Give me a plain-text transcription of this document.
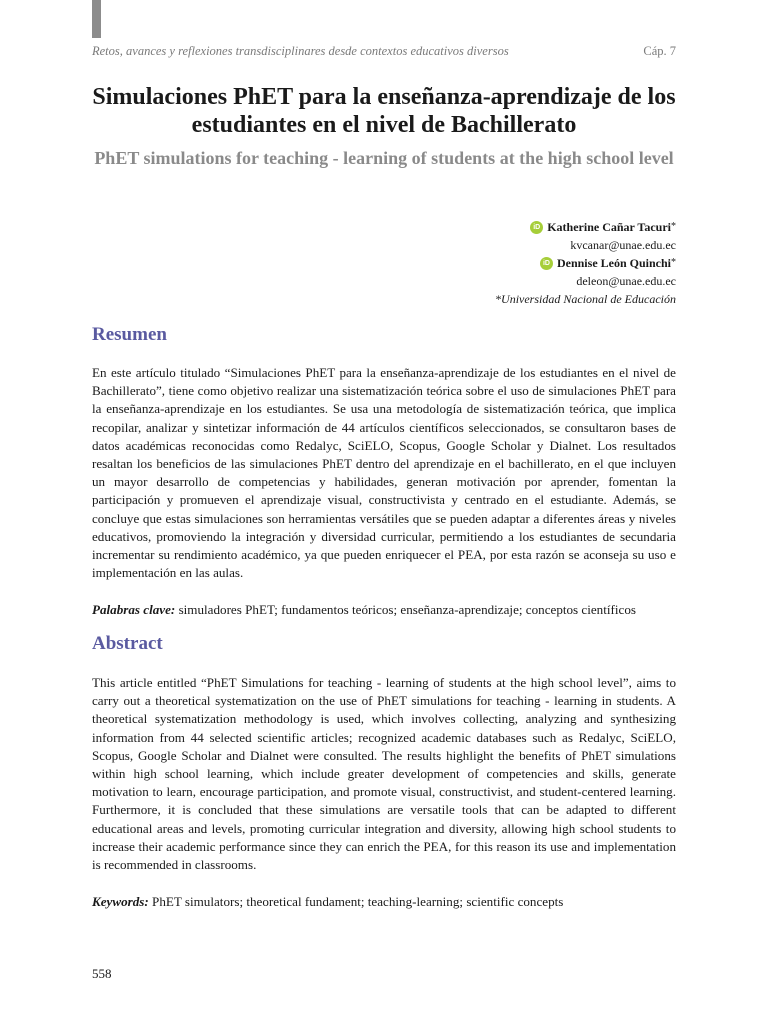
Retos, avances y reflexiones transdisciplinares desde contextos educativos diversos	Cáp. 7
Simulaciones PhET para la enseñanza-aprendizaje de los estudiantes en el nivel de Bachillerato
PhET simulations for teaching - learning of students at the high school level
iD Katherine Cañar Tacuri *
kvcanar@unae.edu.ec
iD Dennise León Quinchi *
deleon@unae.edu.ec
*Universidad Nacional de Educación
Resumen
En este artículo titulado “Simulaciones PhET para la enseñanza-aprendizaje de los estudiantes en el nivel de Bachillerato”, tiene como objetivo realizar una sistematización teórica sobre el uso de simulaciones PhET para la enseñanza-aprendizaje en los estudiantes. Se usa una metodología de sistematización teórica, que implica recopilar, analizar y sintetizar información de 44 artículos científicos seleccionados, se consultaron bases de datos académicas reconocidas como Redalyc, SciELO, Scopus, Google Scholar y Dialnet. Los resultados resaltan los beneficios de las simulaciones PhET dentro del aprendizaje en el bachillerato, en el que incluyen un mayor desarrollo de competencias y habilidades, generan motivación por aprender, fomentan la participación y promueven el aprendizaje visual, constructivista y centrado en el estudiante. Además, se concluye que estas simulaciones son herramientas versátiles que se pueden adaptar a diferentes áreas y niveles educativos, promoviendo la integración y diversidad curricular, permitiendo a los estudiantes de secundaria incrementar su rendimiento académico, ya que pueden enriquecer el PEA, por esta razón se aconseja su uso e implementación en las aulas.
Palabras clave: simuladores PhET; fundamentos teóricos; enseñanza-aprendizaje; conceptos científicos
Abstract
This article entitled “PhET Simulations for teaching - learning of students at the high school level”, aims to carry out a theoretical systematization on the use of PhET simulations for teaching - learning in students. A theoretical systematization methodology is used, which involves collecting, analyzing and synthesizing information from 44 selected scientific articles; recognized academic databases such as Redalyc, SciELO, Scopus, Google Scholar and Dialnet were consulted. The results highlight the benefits of PhET simulations within high school learning, which include greater development of competencies and skills, generate motivation to learn, encourage participation, and promote visual, constructivist, and student-centered learning. Furthermore, it is concluded that these simulations are versatile tools that can be adapted to different educational areas and levels, promoting curricular integration and diversity, allowing high school students to increase their academic performance since they can enrich the PEA, for this reason its use and implementation is recommended in classrooms.
Keywords: PhET simulators; theoretical fundament; teaching-learning; scientific concepts
558
